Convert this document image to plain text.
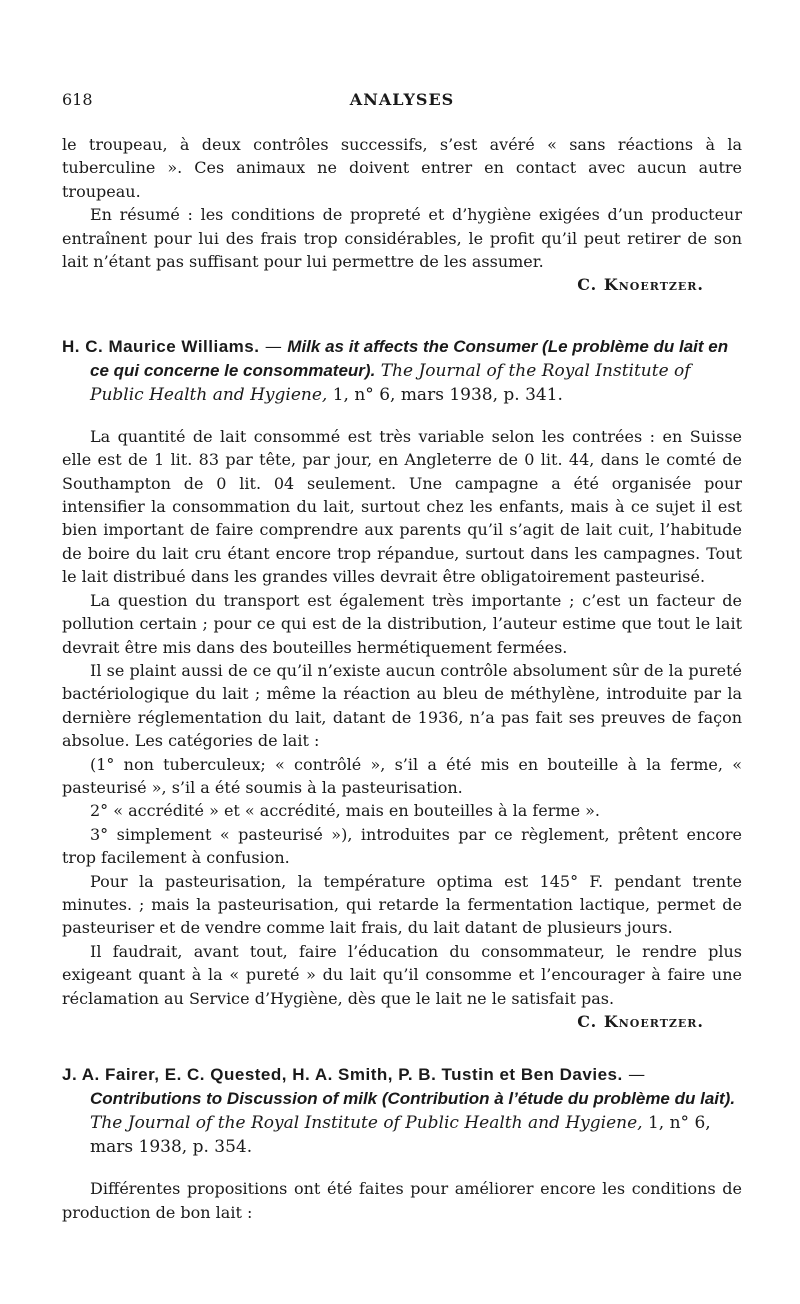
618	ANALYSES

le troupeau, à deux contrôles successifs, s’est avéré « sans réactions à la tuberculine ». Ces animaux ne doivent entrer en contact avec aucun autre troupeau.

En résumé : les conditions de propreté et d’hygiène exigées d’un producteur entraînent pour lui des frais trop considérables, le profit qu’il peut retirer de son lait n’étant pas suffisant pour lui permettre de les assumer.

C. Knoertzer.

H. C. Maurice Williams. — Milk as it affects the Consumer (Le problème du lait en ce qui concerne le consommateur). The Journal of the Royal Institute of Public Health and Hygiene, 1, n° 6, mars 1938, p. 341.

La quantité de lait consommé est très variable selon les contrées : en Suisse elle est de 1 lit. 83 par tête, par jour, en Angleterre de 0 lit. 44, dans le comté de Southampton de 0 lit. 04 seulement. Une campagne a été organisée pour intensifier la consommation du lait, surtout chez les enfants, mais à ce sujet il est bien important de faire comprendre aux parents qu’il s’agit de lait cuit, l’habitude de boire du lait cru étant encore trop répandue, surtout dans les campagnes. Tout le lait distribué dans les grandes villes devrait être obligatoirement pasteurisé.

La question du transport est également très importante ; c’est un facteur de pollution certain ; pour ce qui est de la distribution, l’auteur estime que tout le lait devrait être mis dans des bouteilles hermétiquement fermées.

Il se plaint aussi de ce qu’il n’existe aucun contrôle absolument sûr de la pureté bactériologique du lait ; même la réaction au bleu de méthylène, introduite par la dernière réglementation du lait, datant de 1936, n’a pas fait ses preuves de façon absolue. Les catégories de lait :

(1° non tuberculeux; « contrôlé », s’il a été mis en bouteille à la ferme, « pasteurisé », s’il a été soumis à la pasteurisation.

2° « accrédité » et « accrédité, mais en bouteilles à la ferme ».

3° simplement « pasteurisé »), introduites par ce règlement, prêtent encore trop facilement à confusion.

Pour la pasteurisation, la température optima est 145° F. pendant trente minutes. ; mais la pasteurisation, qui retarde la fermentation lactique, permet de pasteuriser et de vendre comme lait frais, du lait datant de plusieurs jours.

Il faudrait, avant tout, faire l’éducation du consommateur, le rendre plus exigeant quant à la « pureté » du lait qu’il consomme et l’encourager à faire une réclamation au Service d’Hygiène, dès que le lait ne le satisfait pas.

C. Knoertzer.

J. A. Fairer, E. C. Quested, H. A. Smith, P. B. Tustin et Ben Davies. — Contributions to Discussion of milk (Contribution à l’étude du problème du lait). The Journal of the Royal Institute of Public Health and Hygiene, 1, n° 6, mars 1938, p. 354.

Différentes propositions ont été faites pour améliorer encore les conditions de production de bon lait :
